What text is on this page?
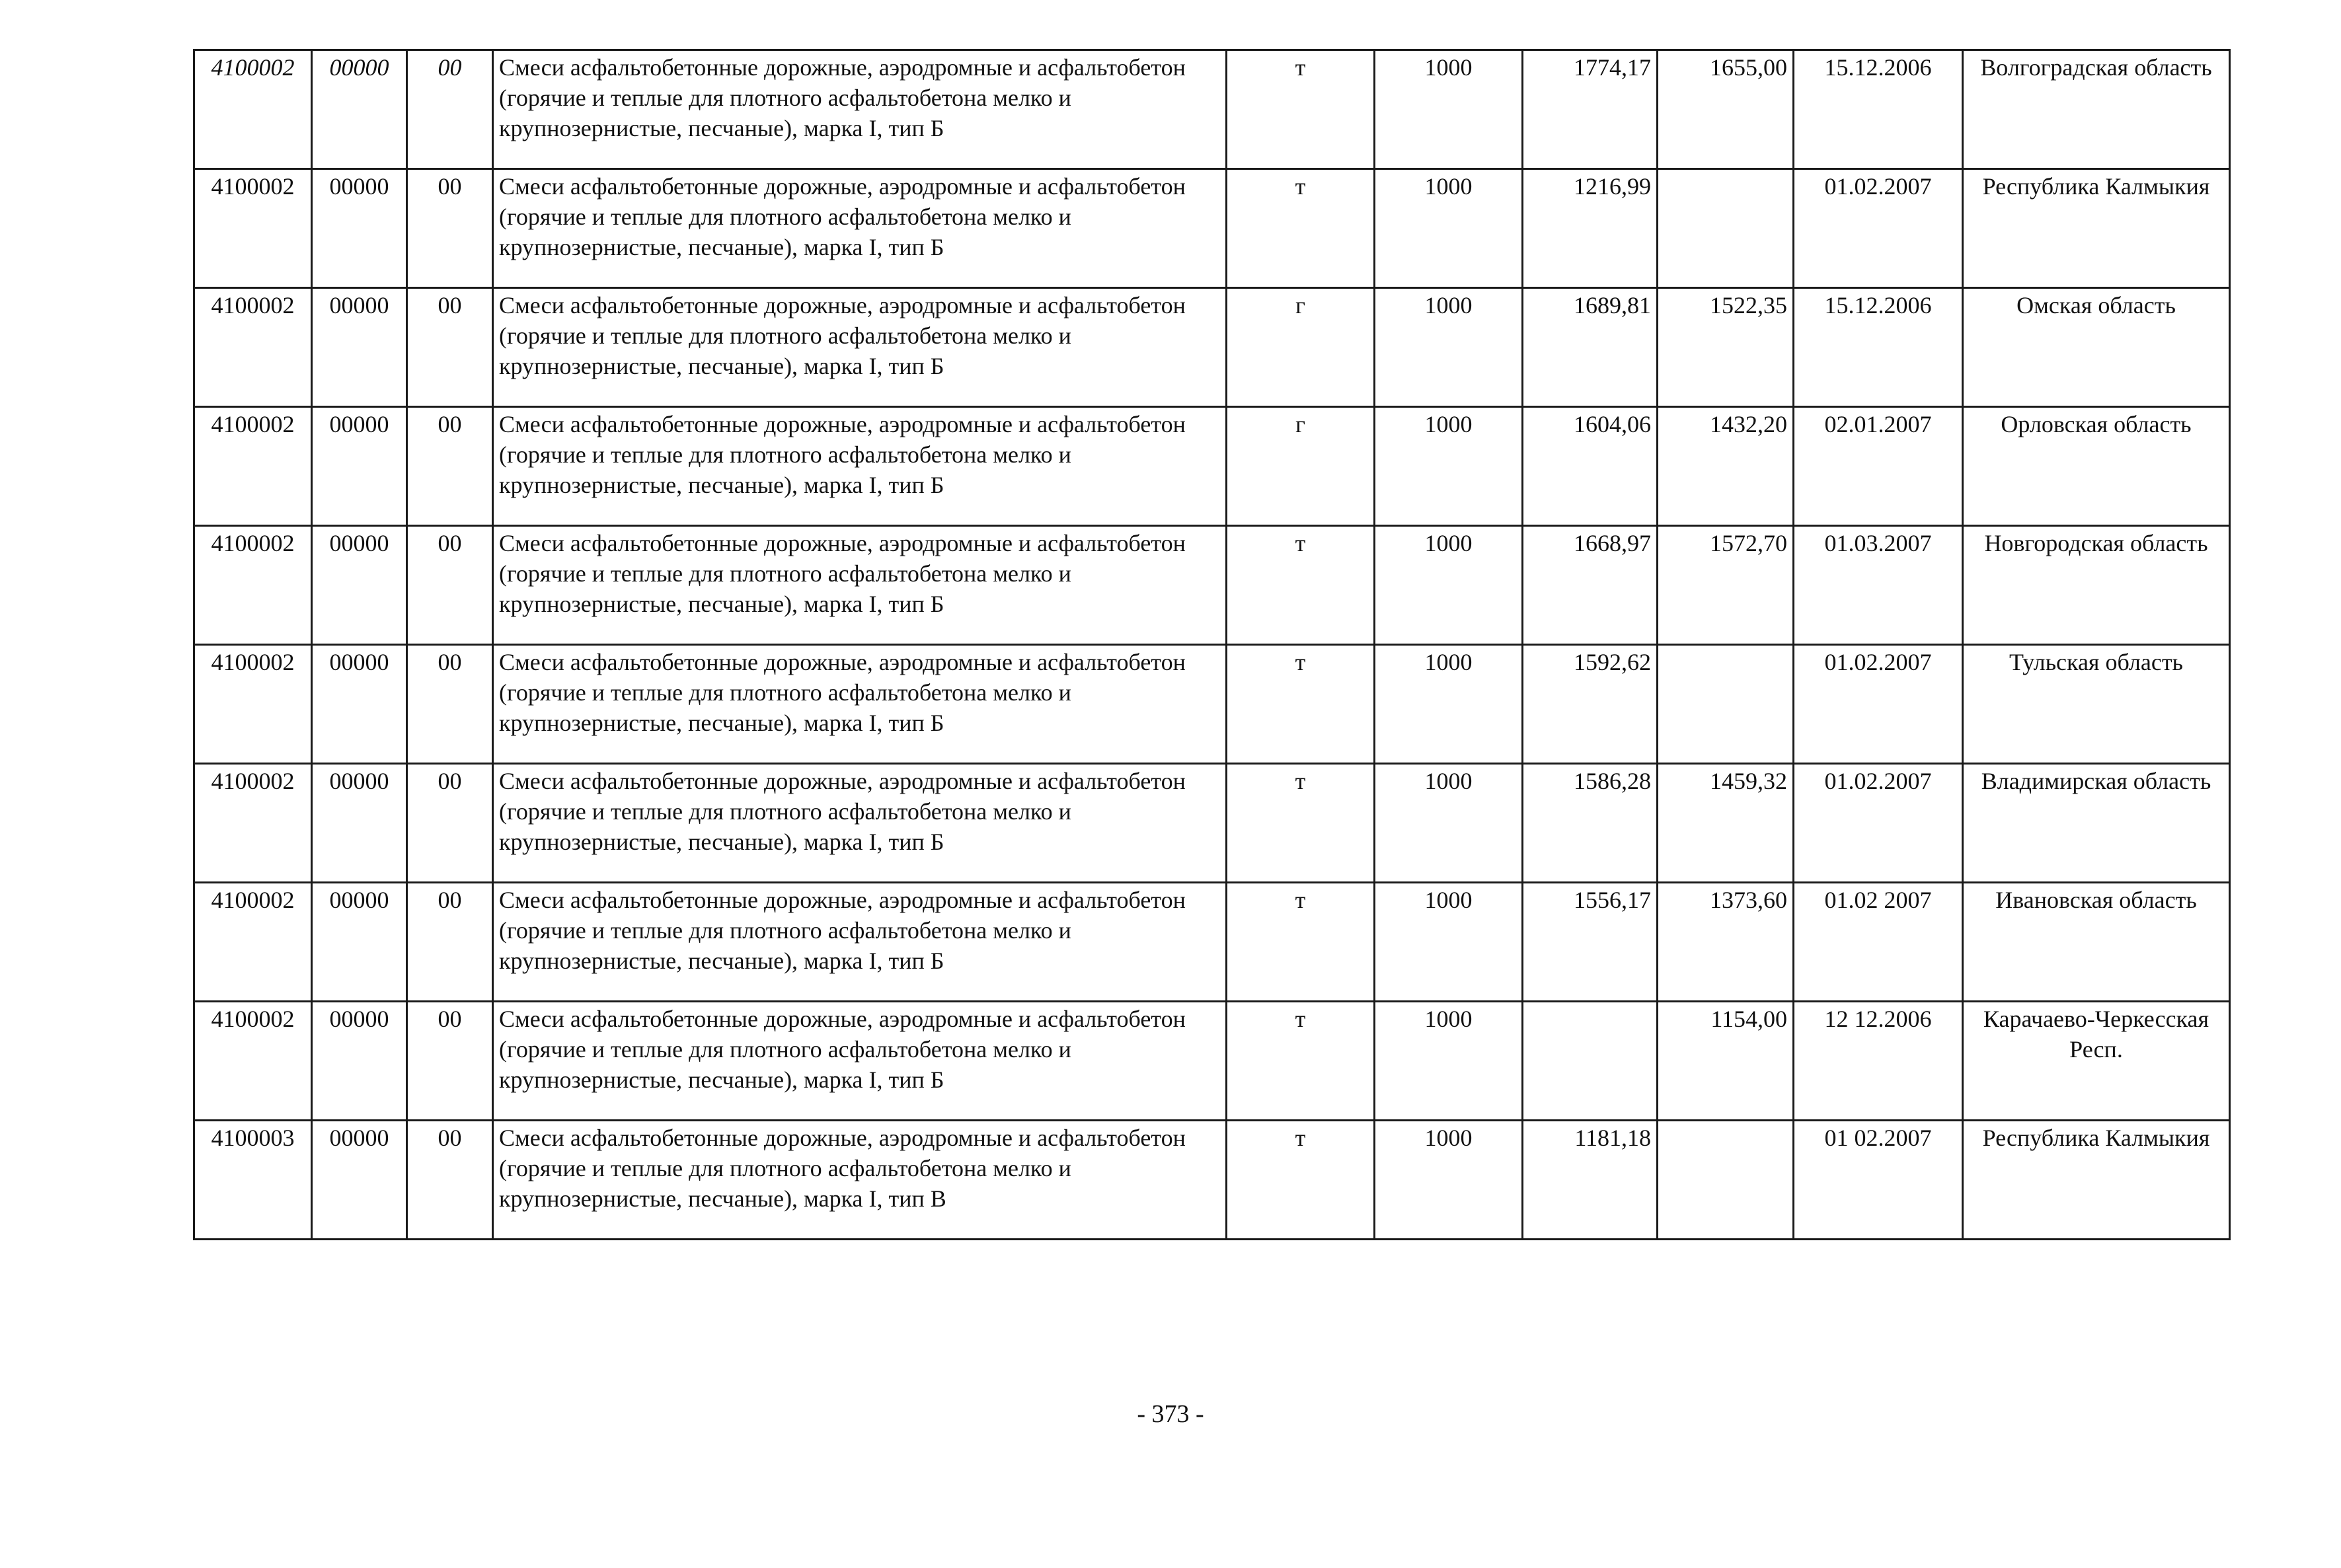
4100002	00000	00	Смеси асфальтобетонные дорожные, аэродромные и асфальтобетон (горячие и теплые для плотного асфальтобетона мелко и крупнозернистые, песчаные), марка I, тип Б	т	1000	1774,17	1655,00	15.12.2006	Волгоградская область
4100002	00000	00	Смеси асфальтобетонные дорожные, аэродромные и асфальтобетон (горячие и теплые для плотного асфальтобетона мелко и крупнозернистые, песчаные), марка I, тип Б	т	1000	1216,99		01.02.2007	Республика Калмыкия
4100002	00000	00	Смеси асфальтобетонные дорожные, аэродромные и асфальтобетон (горячие и теплые для плотного асфальтобетона мелко и крупнозернистые, песчаные), марка I, тип Б	г	1000	1689,81	1522,35	15.12.2006	Омская область
4100002	00000	00	Смеси асфальтобетонные дорожные, аэродромные и асфальтобетон (горячие и теплые для плотного асфальтобетона мелко и крупнозернистые, песчаные), марка I, тип Б	г	1000	1604,06	1432,20	02.01.2007	Орловская область
4100002	00000	00	Смеси асфальтобетонные дорожные, аэродромные и асфальтобетон (горячие и теплые для плотного асфальтобетона мелко и крупнозернистые, песчаные), марка I, тип Б	т	1000	1668,97	1572,70	01.03.2007	Новгородская область
4100002	00000	00	Смеси асфальтобетонные дорожные, аэродромные и асфальтобетон (горячие и теплые для плотного асфальтобетона мелко и крупнозернистые, песчаные), марка I, тип Б	т	1000	1592,62		01.02.2007	Тульская область
4100002	00000	00	Смеси асфальтобетонные дорожные, аэродромные и асфальтобетон (горячие и теплые для плотного асфальтобетона мелко и крупнозернистые, песчаные), марка I, тип Б	т	1000	1586,28	1459,32	01.02.2007	Владимирская область
4100002	00000	00	Смеси асфальтобетонные дорожные, аэродромные и асфальтобетон (горячие и теплые для плотного асфальтобетона мелко и крупнозернистые, песчаные), марка I, тип Б	т	1000	1556,17	1373,60	01.02 2007	Ивановская область
4100002	00000	00	Смеси асфальтобетонные дорожные, аэродромные и асфальтобетон (горячие и теплые для плотного асфальтобетона мелко и крупнозернистые, песчаные), марка I, тип Б	т	1000		1154,00	12 12.2006	Карачаево-Черкесская Респ.
4100003	00000	00	Смеси асфальтобетонные дорожные, аэродромные и асфальтобетон (горячие и теплые для плотного асфальтобетона мелко и крупнозернистые, песчаные), марка I, тип В	т	1000	1181,18		01 02.2007	Республика Калмыкия
- 373 -
